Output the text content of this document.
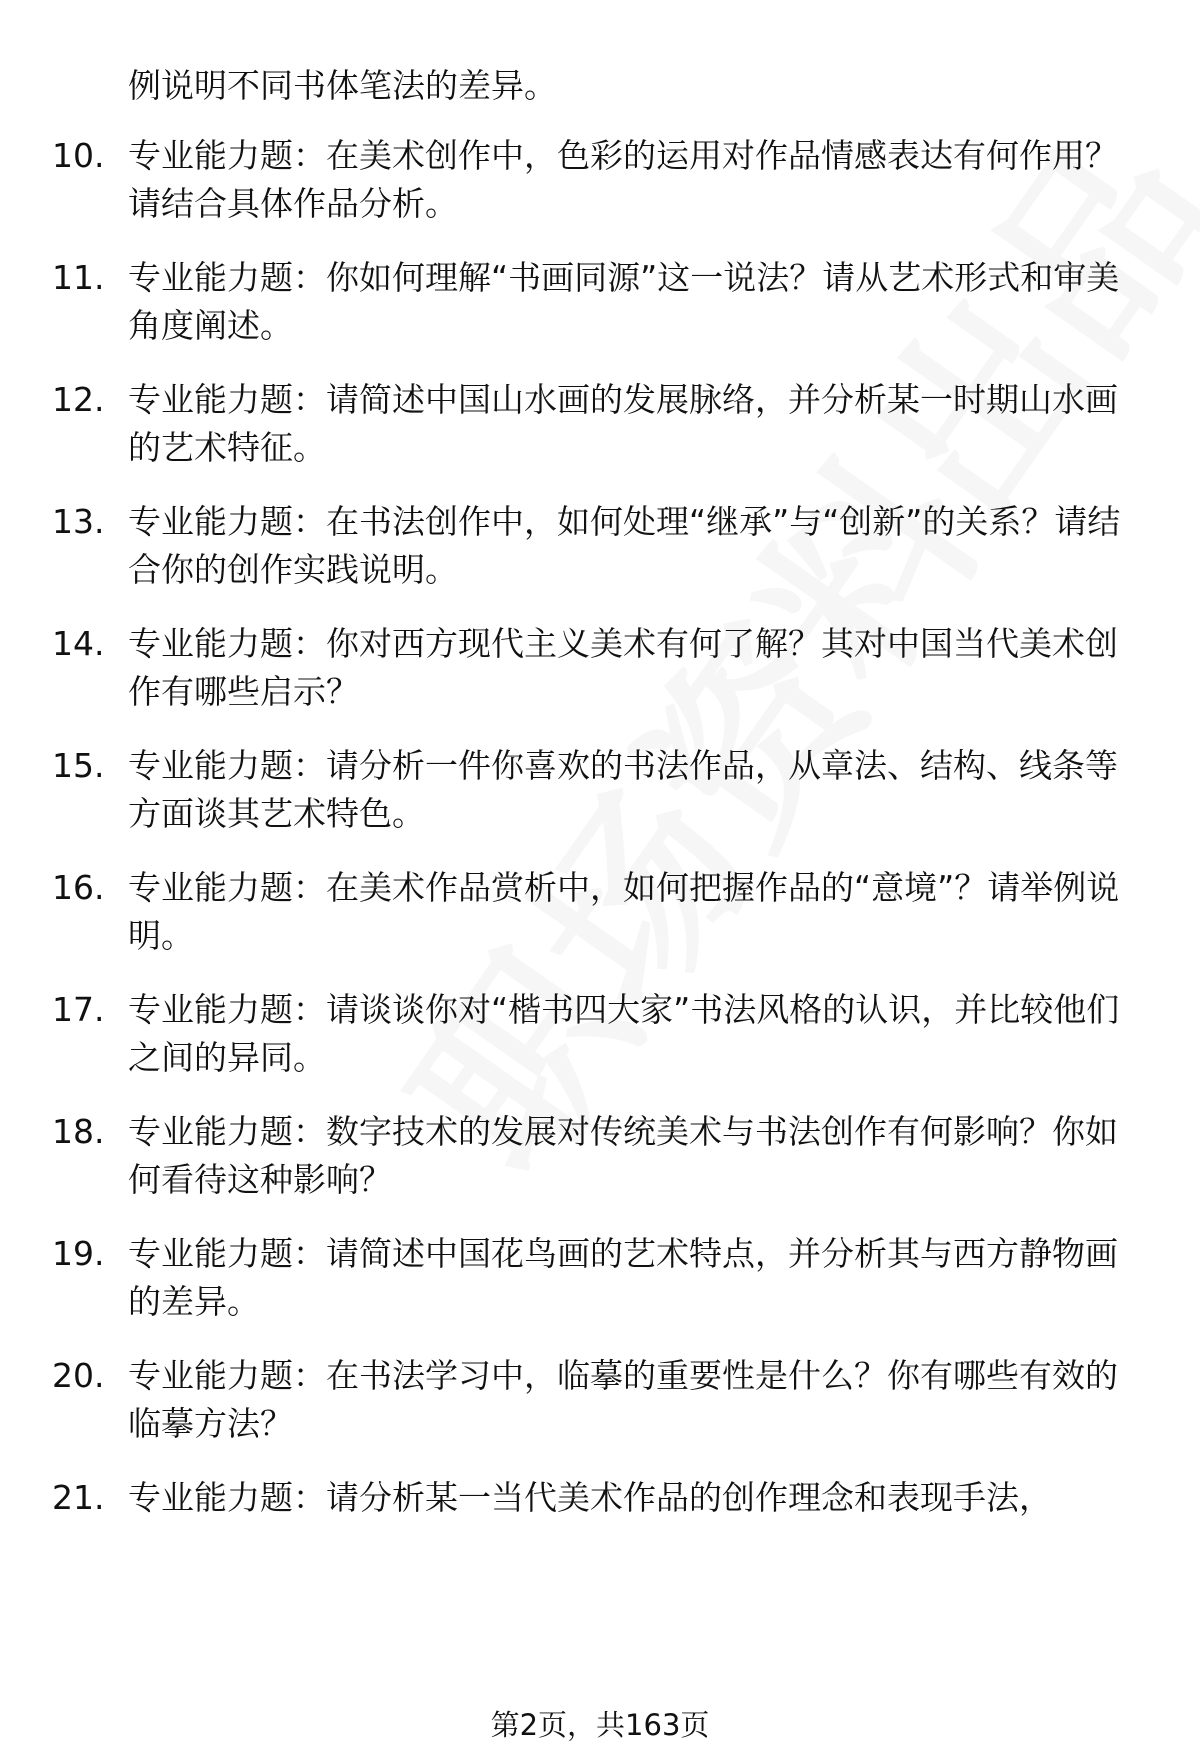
例说明不同书体笔法的差异。
10. 专业能力题：在美术创作中，色彩的运用对作品情感表达有何作用？请结合具体作品分析。
11. 专业能力题：你如何理解“书画同源”这一说法？请从艺术形式和审美角度阐述。
12. 专业能力题：请简述中国山水画的发展脉络，并分析某一时期山水画的艺术特征。
13. 专业能力题：在书法创作中，如何处理“继承”与“创新”的关系？请结合你的创作实践说明。
14. 专业能力题：你对西方现代主义美术有何了解？其对中国当代美术创作有哪些启示？
15. 专业能力题：请分析一件你喜欢的书法作品，从章法、结构、线条等方面谈其艺术特色。
16. 专业能力题：在美术作品赏析中，如何把握作品的“意境”？请举例说明。
17. 专业能力题：请谈谈你对“楷书四大家”书法风格的认识，并比较他们之间的异同。
18. 专业能力题：数字技术的发展对传统美术与书法创作有何影响？你如何看待这种影响？
19. 专业能力题：请简述中国花鸟画的艺术特点，并分析其与西方静物画的差异。
20. 专业能力题：在书法学习中，临摹的重要性是什么？你有哪些有效的临摹方法？
21. 专业能力题：请分析某一当代美术作品的创作理念和表现手法，
第2页，共163页
